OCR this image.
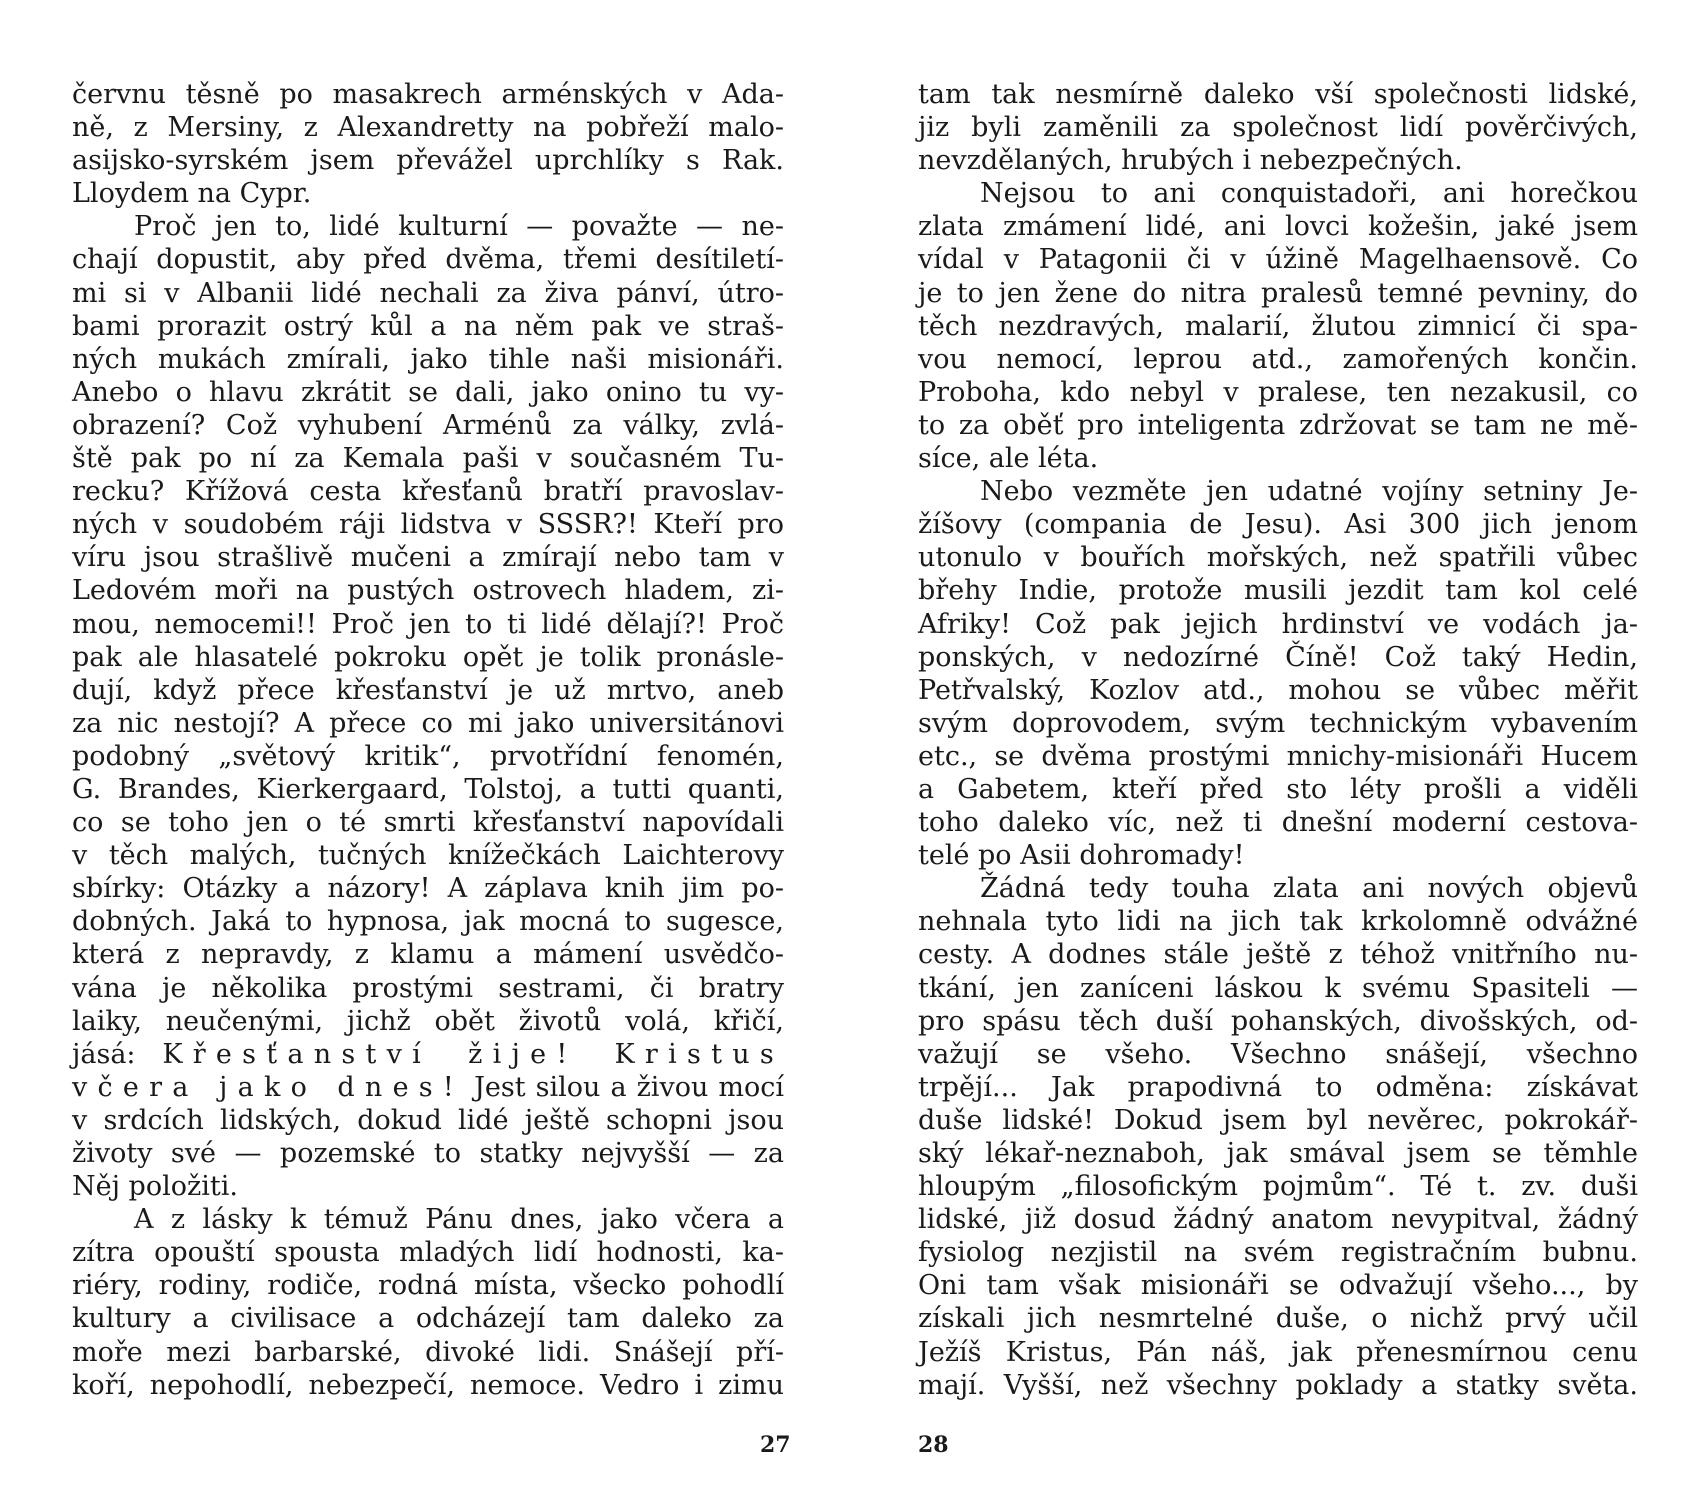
červnu těsně po masakrech arménských v Ada-
ně, z Mersiny, z Alexandretty na pobřeží malo-
asijsko-syrském jsem převážel uprchlíky s Rak.
Lloydem na Cypr.
Proč jen to, lidé kulturní — považte — ne-
chají dopustit, aby před dvěma, třemi desítiletí-
mi si v Albanii lidé nechali za živa pánví, útro-
bami prorazit ostrý kůl a na něm pak ve straš-
ných mukách zmírali, jako tihle naši misionáři.
Anebo o hlavu zkrátit se dali, jako onino tu vy-
obrazení? Což vyhubení Arménů za války, zvlá-
ště pak po ní za Kemala paši v současném Tu-
recku? Křížová cesta křesťanů bratří pravoslav-
ných v soudobém ráji lidstva v SSSR?! Kteří pro
víru jsou strašlivě mučeni a zmírají nebo tam v
Ledovém moři na pustých ostrovech hladem, zi-
mou, nemocemi!! Proč jen to ti lidé dělají?! Proč
pak ale hlasatelé pokroku opět je tolik pronásle-
dují, když přece křesťanství je už mrtvo, aneb
za nic nestojí? A přece co mi jako universitánovi
podobný „světový kritik“, prvotřídní fenomén,
G. Brandes, Kierkergaard, Tolstoj, a tutti quanti,
co se toho jen o té smrti křesťanství napovídali
v těch malých, tučných knížečkách Laichterovy
sbírky: Otázky a názory! A záplava knih jim po-
dobných. Jaká to hypnosa, jak mocná to sugesce,
která z nepravdy, z klamu a mámení usvědčo-
vána je několika prostými sestrami, či bratry
laiky, neučenými, jichž obět životů volá, křičí,
jásá: Křesťanství žije! Kristus
včera jako dnes! Jest silou a živou mocí
v srdcích lidských, dokud lidé ještě schopni jsou
životy své — pozemské to statky nejvyšší — za
Něj položiti.
A z lásky k témuž Pánu dnes, jako včera a
zítra opouští spousta mladých lidí hodnosti, ka-
riéry, rodiny, rodiče, rodná místa, všecko pohodlí
kultury a civilisace a odcházejí tam daleko za
moře mezi barbarské, divoké lidi. Snášejí pří-
koří, nepohodlí, nebezpečí, nemoce. Vedro i zimu
27
tam tak nesmírně daleko vší společnosti lidské,
jiz byli zaměnili za společnost lidí pověrčivých,
nevzdělaných, hrubých i nebezpečných.
Nejsou to ani conquistadoři, ani horečkou
zlata zmámení lidé, ani lovci kožešin, jaké jsem
vídal v Patagonii či v úžině Magelhaensově. Co
je to jen žene do nitra pralesů temné pevniny, do
těch nezdravých, malarií, žlutou zimnicí či spa-
vou nemocí, leprou atd., zamořených končin.
Proboha, kdo nebyl v pralese, ten nezakusil, co
to za oběť pro inteligenta zdržovat se tam ne mě-
síce, ale léta.
Nebo vezměte jen udatné vojíny setniny Je-
žíšovy (compania de Jesu). Asi 300 jich jenom
utonulo v bouřích mořských, než spatřili vůbec
břehy Indie, protože musili jezdit tam kol celé
Afriky! Což pak jejich hrdinství ve vodách ja-
ponských, v nedozírné Číně! Což taký Hedin,
Petřvalský, Kozlov atd., mohou se vůbec měřit
svým doprovodem, svým technickým vybavením
etc., se dvěma prostými mnichy-misionáři Hucem
a Gabetem, kteří před sto léty prošli a viděli
toho daleko víc, než ti dnešní moderní cestova-
telé po Asii dohromady!
Žádná tedy touha zlata ani nových objevů
nehnala tyto lidi na jich tak krkolomně odvážné
cesty. A dodnes stále ještě z téhož vnitřního nu-
tkání, jen zaníceni láskou k svému Spasiteli —
pro spásu těch duší pohanských, divošských, od-
važují se všeho. Všechno snášejí, všechno
trpějí... Jak prapodivná to odměna: získávat
duše lidské! Dokud jsem byl nevěrec, pokrokář-
ský lékař-neznaboh, jak smával jsem se těmhle
hloupým „filosofickým pojmům“. Té t. zv. duši
lidské, již dosud žádný anatom nevypitval, žádný
fysiolog nezjistil na svém registračním bubnu.
Oni tam však misionáři se odvažují všeho..., by
získali jich nesmrtelné duše, o nichž prvý učil
Ježíš Kristus, Pán náš, jak přenesmírnou cenu
mají. Vyšší, než všechny poklady a statky světa.
28
